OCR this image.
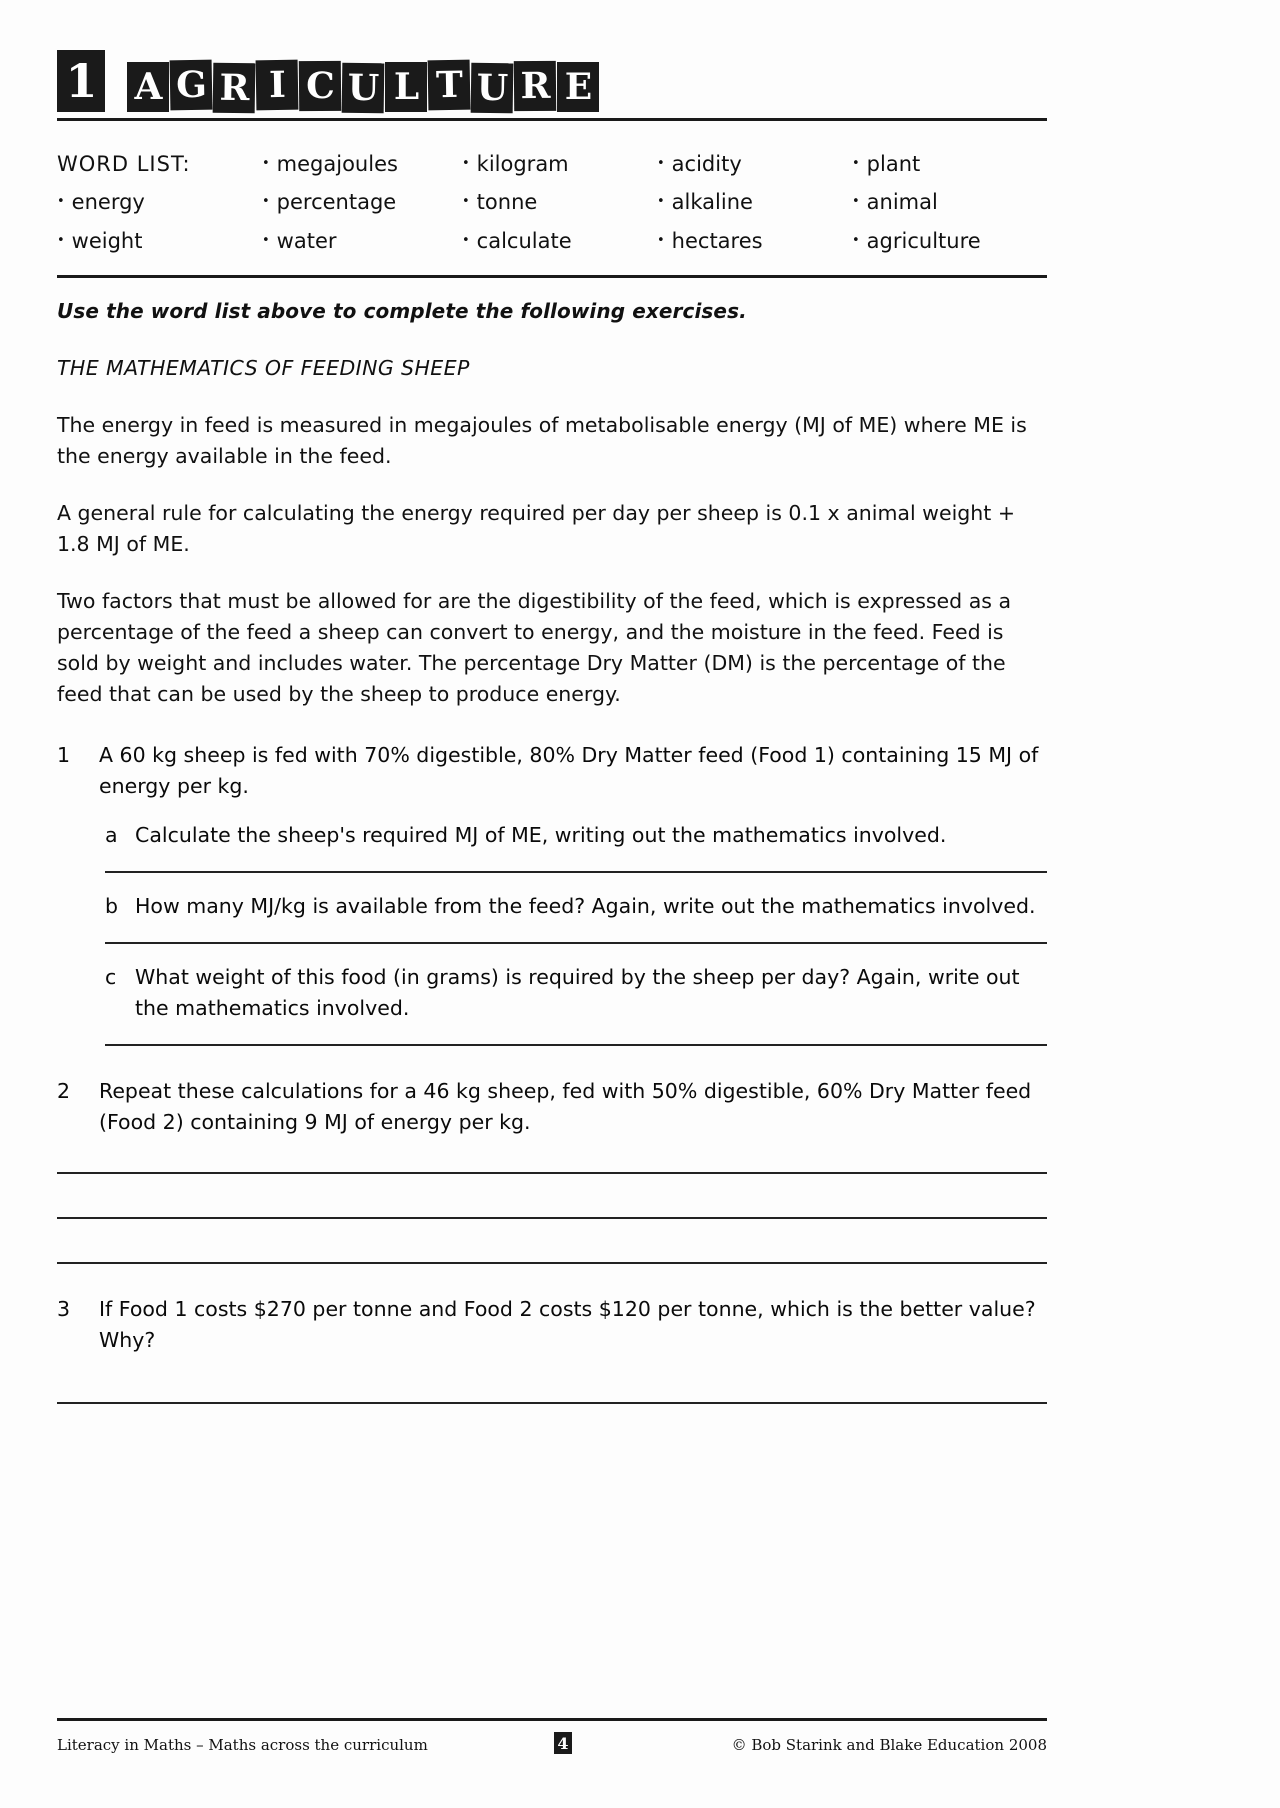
1 A G R I C U L T U R E
WORD LIST:	• megajoules	• kilogram	• acidity	• plant
• energy	• percentage	• tonne	• alkaline	• animal
• weight	• water	• calculate	• hectares	• agriculture

Use the word list above to complete the following exercises.

THE MATHEMATICS OF FEEDING SHEEP

The energy in feed is measured in megajoules of metabolisable energy (MJ of ME) where ME is the energy available in the feed.

A general rule for calculating the energy required per day per sheep is 0.1 x animal weight + 1.8 MJ of ME.

Two factors that must be allowed for are the digestibility of the feed, which is expressed as a percentage of the feed a sheep can convert to energy, and the moisture in the feed. Feed is sold by weight and includes water. The percentage Dry Matter (DM) is the percentage of the feed that can be used by the sheep to produce energy.

1	A 60 kg sheep is fed with 70% digestible, 80% Dry Matter feed (Food 1) containing 15 MJ of energy per kg.
a Calculate the sheep's required MJ of ME, writing out the mathematics involved.
b How many MJ/kg is available from the feed? Again, write out the mathematics involved.
c What weight of this food (in grams) is required by the sheep per day? Again, write out the mathematics involved.
2	Repeat these calculations for a 46 kg sheep, fed with 50% digestible, 60% Dry Matter feed (Food 2) containing 9 MJ of energy per kg.
3	If Food 1 costs $270 per tonne and Food 2 costs $120 per tonne, which is the better value? Why?
Literacy in Maths – Maths across the curriculum	4	© Bob Starink and Blake Education 2008
